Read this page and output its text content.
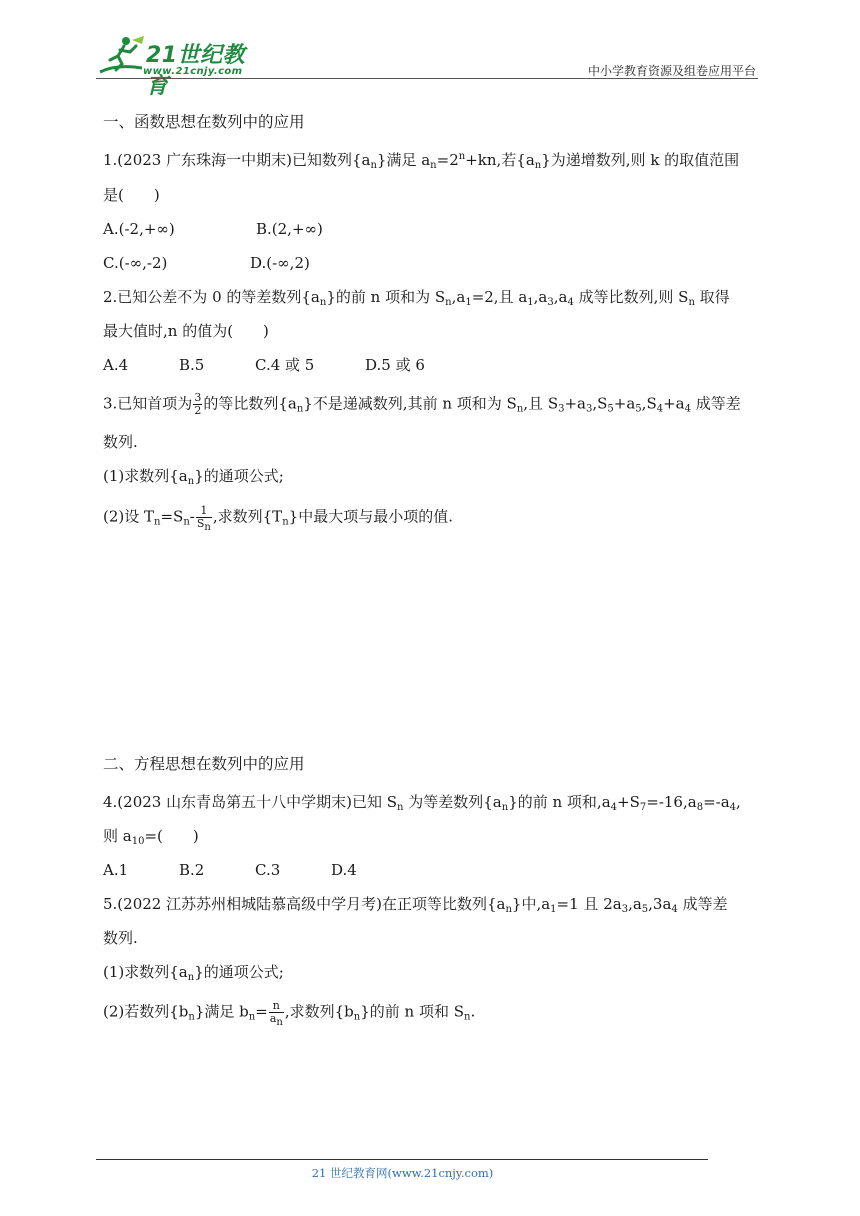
21世纪教育
www.21cnjy.com	中小学教育资源及组卷应用平台
一、函数思想在数列中的应用
1.(2023 广东珠海一中期末)已知数列$\{a_n\}$满足 $a_n=2^n+kn$,若$\{a_n\}$为递增数列,则 k 的取值范围
是(　　)
A.(-2,+∞)	B.(2,+∞)
C.(-∞,-2)	D.(-∞,2)
2.已知公差不为 0 的等差数列$\{a_n\}$的前 n 项和为 $S_n,a_1=2$,且 $a_1,a_3,a_4$ 成等比数列,则 $S_n$ 取得
最大值时,n 的值为(　　)
A.4	B.5	C.4 或 5	D.5 或 6
3.已知首项为 $\frac{3}{2}$ 的等比数列$\{a_n\}$不是递减数列,其前 n 项和为 $S_n$,且 $S_3+a_3,S_5+a_5,S_4+a_4$ 成等差
数列.
(1)求数列$\{a_n\}$的通项公式;
(2)设 $T_n=S_n- \frac{1}{S_n}$ ,求数列$\{T_n\}$中最大项与最小项的值.
二、方程思想在数列中的应用
4.(2023 山东青岛第五十八中学期末)已知 $S_n$ 为等差数列$\{a_n\}$的前 n 项和$,a_4+S_7=-16,a_8=-a_4$,
则 $a_{10}=$(　　)
A.1	B.2	C.3	D.4
5.(2022 江苏苏州相城陆慕高级中学月考)在正项等比数列$\{a_n\}$中$,a_1=1$ 且 $2a_3,a_5,3a_4$ 成等差
数列.
(1)求数列$\{a_n\}$的通项公式;
(2)若数列$\{b_n\}$满足 $b_n= \frac{n}{a_n}$ ,求数列$\{b_n\}$的前 n 项和 $S_n$.
21 世纪教育网(www.21cnjy.com)
